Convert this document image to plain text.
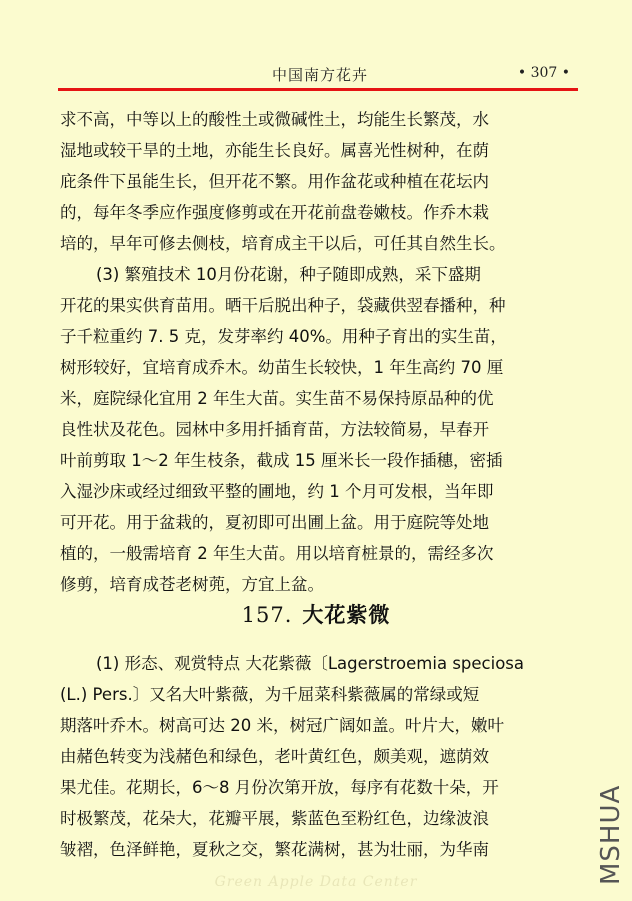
中国南方花卉	• 307 •
求不高，中等以上的酸性土或微碱性土，均能生长繁茂，水
湿地或较干旱的土地，亦能生长良好。属喜光性树种，在荫
庇条件下虽能生长，但开花不繁。用作盆花或种植在花坛内
的，每年冬季应作强度修剪或在开花前盘卷嫩枝。作乔木栽
培的，早年可修去侧枝，培育成主干以后，可任其自然生长。
(3) 繁殖技术 10月份花谢，种子随即成熟，采下盛期
开花的果实供育苗用。晒干后脱出种子，袋藏供翌春播种，种
子千粒重约 7. 5 克，发芽率约 40%。用种子育出的实生苗，
树形较好，宜培育成乔木。幼苗生长较快，1 年生高约 70 厘
米，庭院绿化宜用 2 年生大苗。实生苗不易保持原品种的优
良性状及花色。园林中多用扦插育苗，方法较简易，早春开
叶前剪取 1～2 年生枝条，截成 15 厘米长一段作插穗，密插
入湿沙床或经过细致平整的圃地，约 1 个月可发根，当年即
可开花。用于盆栽的，夏初即可出圃上盆。用于庭院等处地
植的，一般需培育 2 年生大苗。用以培育桩景的，需经多次
修剪，培育成苍老树蔸，方宜上盆。
157. 大花紫微
(1) 形态、观赏特点 大花紫薇〔Lagerstroemia speciosa
(L.) Pers.〕又名大叶紫薇，为千屈菜科紫薇属的常绿或短
期落叶乔木。树高可达 20 米，树冠广阔如盖。叶片大，嫩叶
由赭色转变为浅赭色和绿色，老叶黄红色，颇美观，遮荫效
果尤佳。花期长，6～8 月份次第开放，每序有花数十朵，开
时极繁茂，花朵大，花瓣平展，紫蓝色至粉红色，边缘波浪
皱褶，色泽鲜艳，夏秋之交，繁花满树，甚为壮丽，为华南
Green Apple Data Center	MSHUA
